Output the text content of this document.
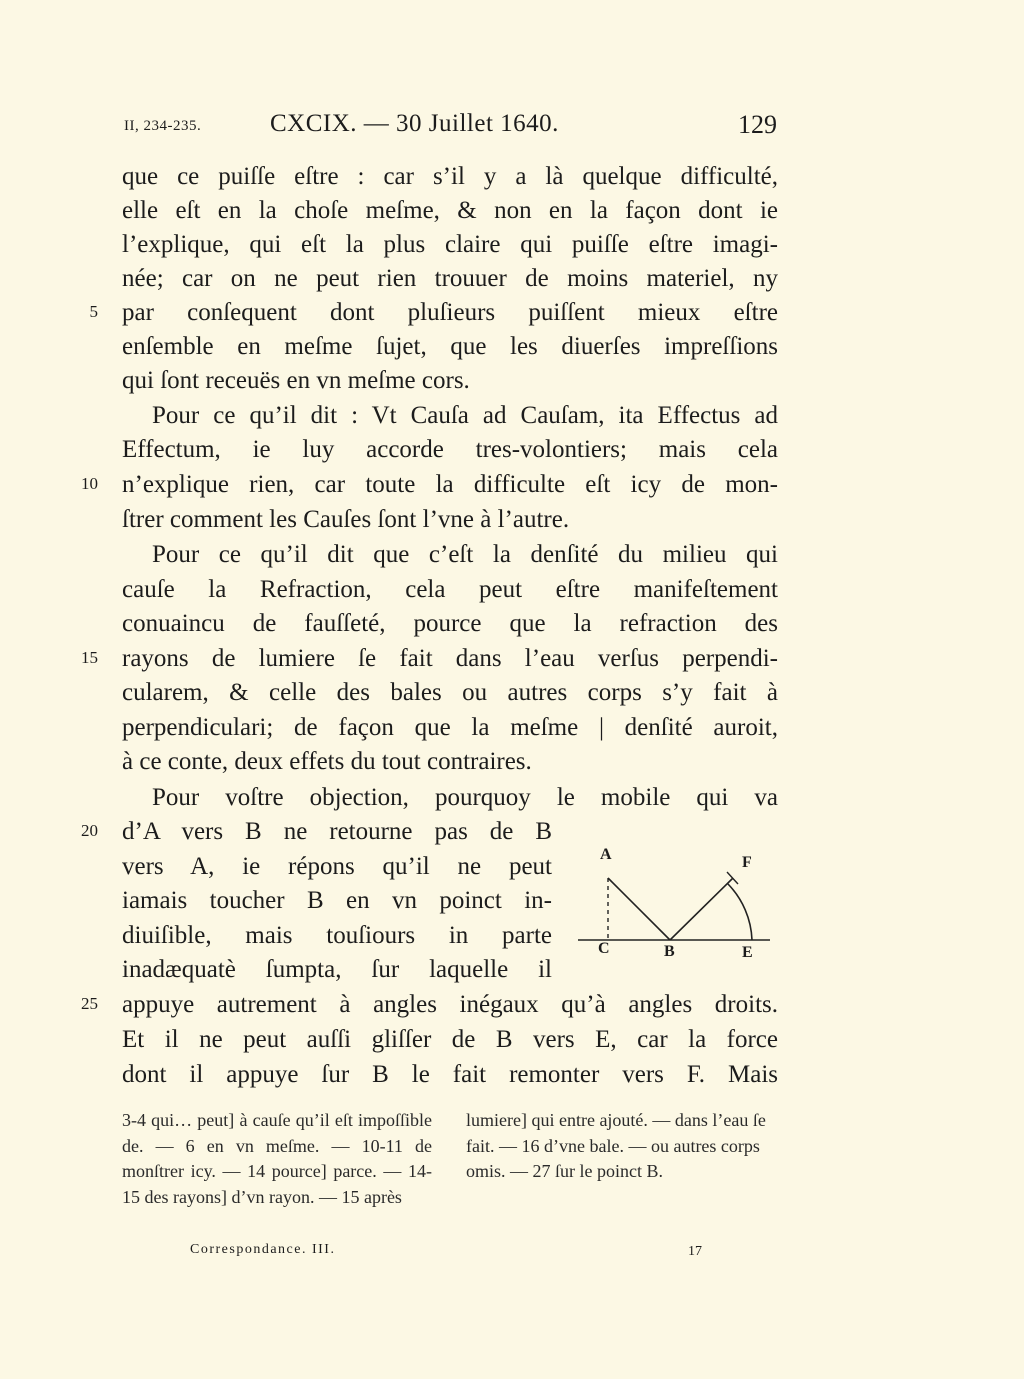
II, 234-235.	CXCIX. — 30 Juillet 1640.	129
que ce puiſſe eſtre : car s’il y a là quelque difficulté,
elle eſt en la choſe meſme, & non en la façon dont ie
l’explique, qui eſt la plus claire qui puiſſe eſtre imagi-
née; car on ne peut rien trouuer de moins materiel, ny
par conſequent dont pluſieurs puiſſent mieux eſtre
enſemble en meſme ſujet, que les diuerſes impreſſions
qui ſont receuës en vn meſme cors.
Pour ce qu’il dit : Vt Cauſa ad Cauſam, ita Effectus ad
Effectum, ie luy accorde tres-volontiers; mais cela
n’explique rien, car toute la difficulte eſt icy de mon-
ſtrer comment les Cauſes ſont l’vne à l’autre.
Pour ce qu’il dit que c’eſt la denſité du milieu qui
cauſe la Refraction, cela peut eſtre manifeſtement
conuaincu de fauſſeté, pource que la refraction des
rayons de lumiere ſe fait dans l’eau verſus perpendi-
cularem, & celle des bales ou autres corps s’y fait à
perpendiculari; de façon que la meſme | denſité auroit,
à ce conte, deux effets du tout contraires.
Pour voſtre objection, pourquoy le mobile qui va
d’A vers B ne retourne pas de B
vers A, ie répons qu’il ne peut
iamais toucher B en vn poinct in-
diuiſible, mais touſiours in parte
inadæquatè ſumpta, ſur laquelle il
appuye autrement à angles inégaux qu’à angles droits.
Et il ne peut auſſi gliſſer de B vers E, car la force
dont il appuye ſur B le fait remonter vers F. Mais
5
10
15
20
25
A	F
C	B	E
3-4 qui… peut] à cauſe qu’il eſt impoſſible de. — 6 en vn meſme. — 10-11 de monſtrer icy. — 14 pource] parce. — 14-15 des rayons] d’vn rayon. — 15 après
lumiere] qui entre ajouté. — dans l’eau ſe fait. — 16 d’vne bale. — ou autres corps omis. — 27 ſur le poinct B.
Correspondance. III.	17
